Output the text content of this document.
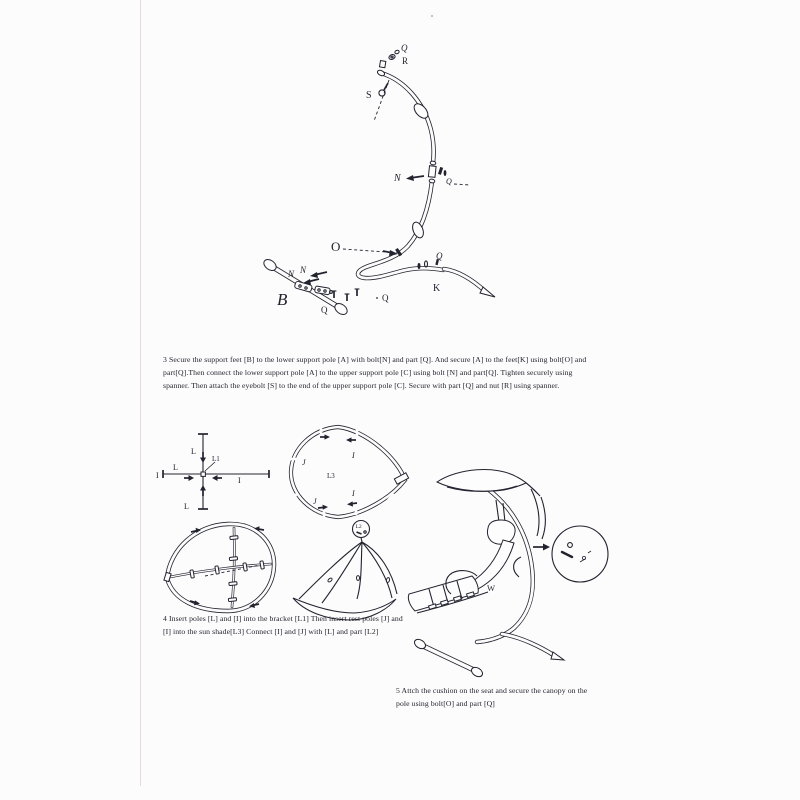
Q
R
S
N	Q
O
Q
K
B
N N
Q
Q
L
L
I
L1
I
L
I
J
L3
I
J
L2
W
3 Secure the support feet [B] to the lower support pole [A] with bolt[N] and part [Q]. And secure [A] to the feet[K] using bolt[O] and
part[Q].Then connect the lower support pole [A] to the upper support pole [C] using bolt [N] and part[Q]. Tighten securely using
spanner. Then attach the eyebolt [S] to the end of the upper support pole [C]. Secure with part [Q] and nut [R] using spanner.
4 Insert poles [L] and [I] into the bracket [L1] Then insert rest poles [J] and
[I] into the sun shade[L3] Connect [I] and [J] with [L] and part [L2]
5 Attch the cushion on the seat and secure the canopy on the
pole using bolt[O] and part [Q]
